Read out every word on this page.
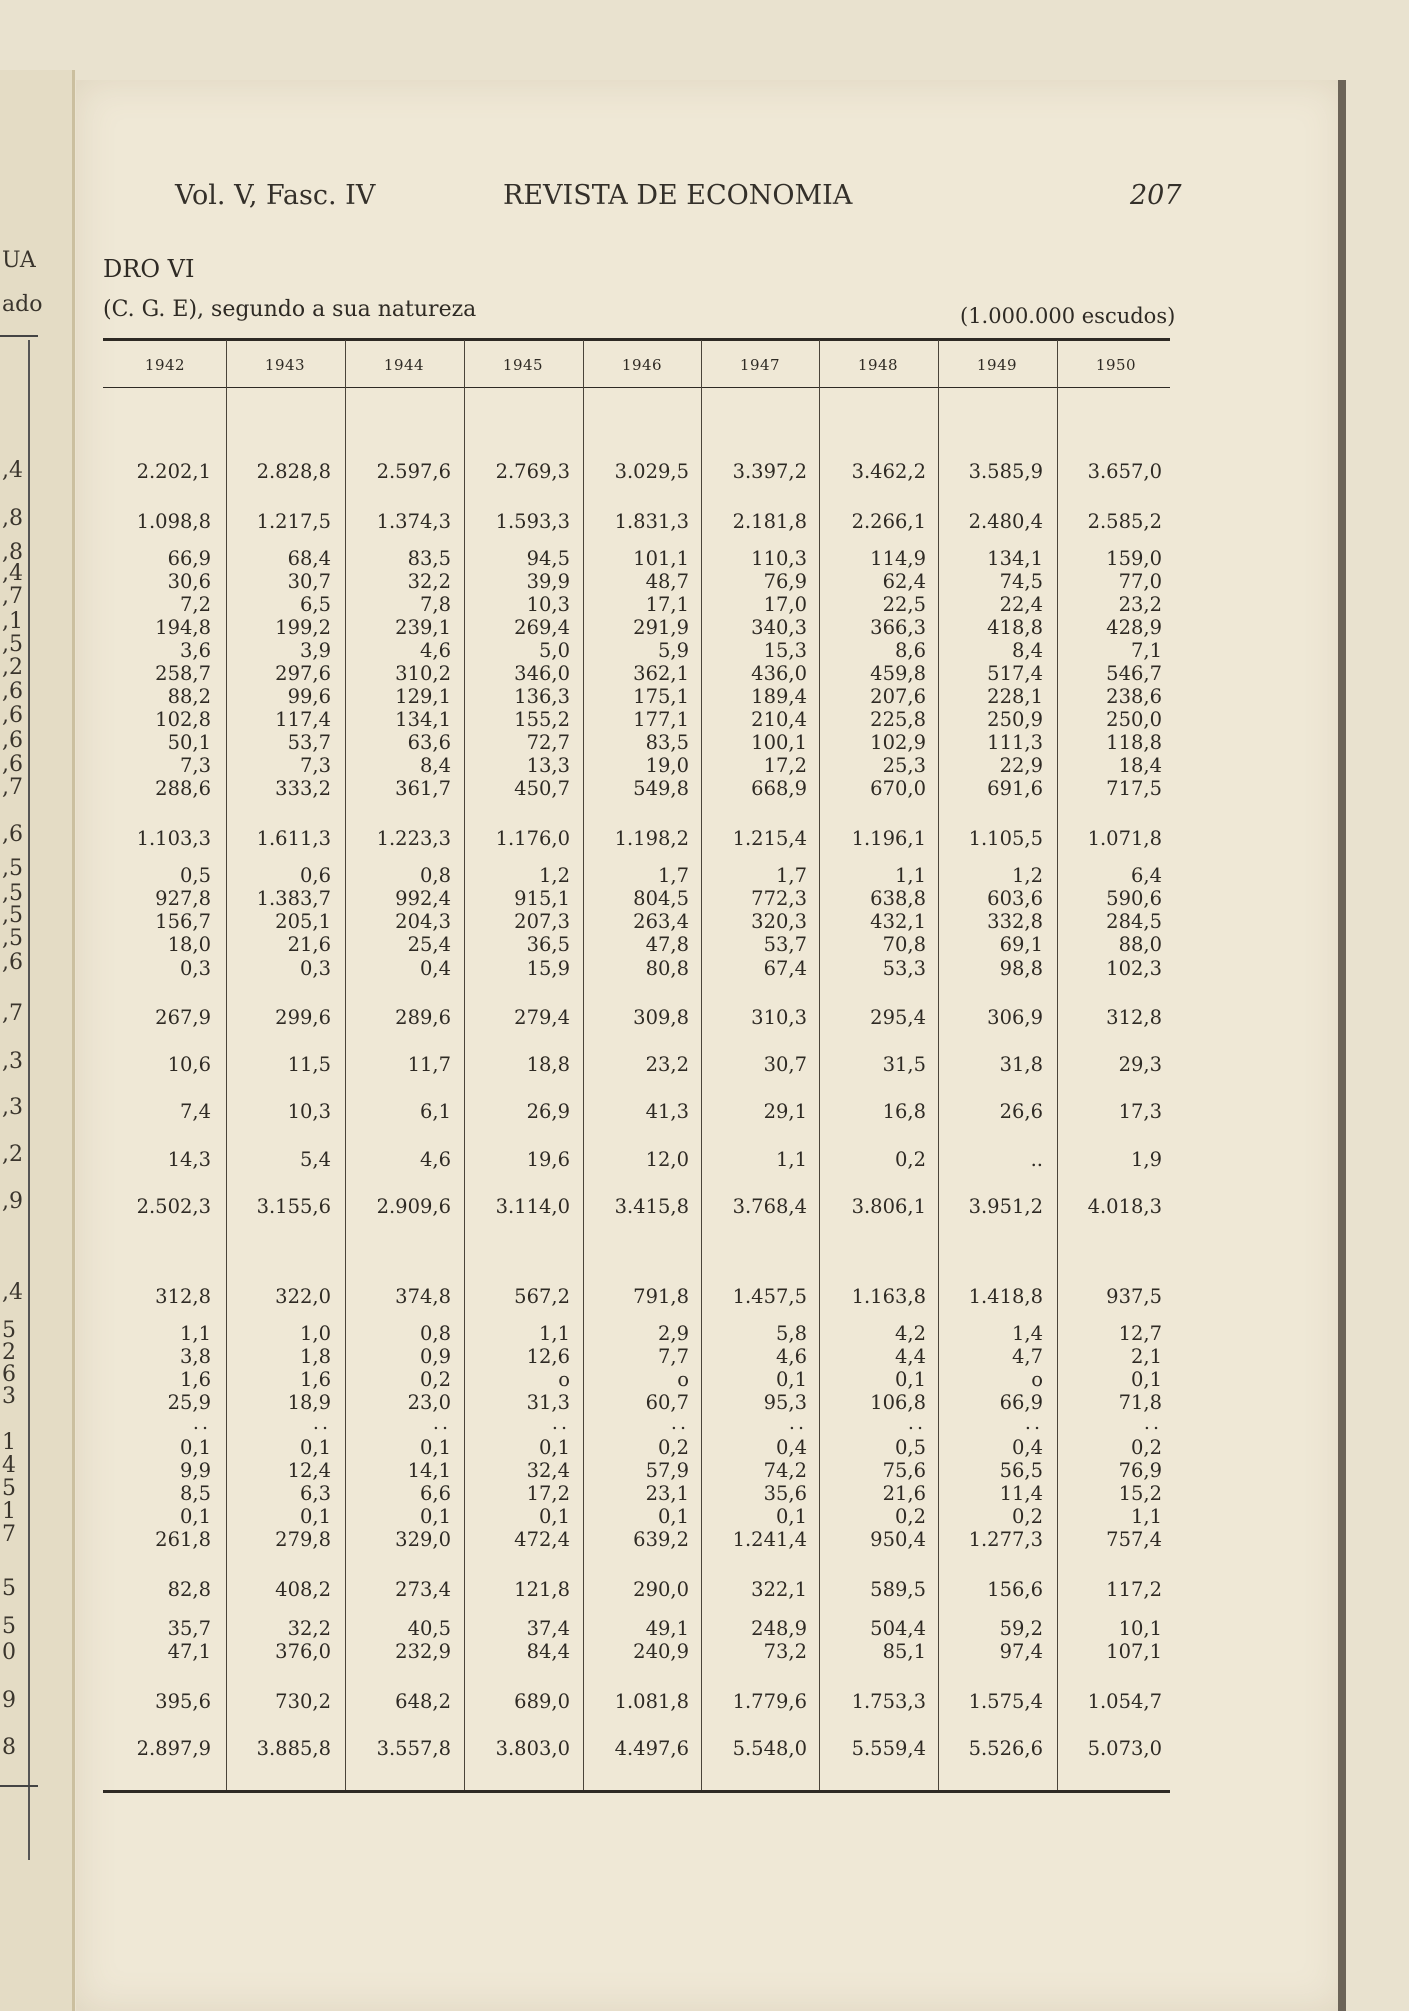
UA
ado
,4
,8
,8
,4
,7
,1
,5
,2
,6
,6
,6
,6
,7
,6
,5
,5
,5
,5
,6
,7
,3
,3
,2
,9
,4
5
2
6
3
1
4
5
1
7
5
5
0
9
8
Vol. V, Fasc. IV	REVISTA DE ECONOMIA	207
DRO VI
(C. G. E), segundo a sua natureza	(1.000.000 escudos)
1942	1943	1944	1945	1946	1947	1948	1949	1950
2.202,1	2.828,8	2.597,6	2.769,3	3.029,5	3.397,2	3.462,2	3.585,9	3.657,0
1.098,8	1.217,5	1.374,3	1.593,3	1.831,3	2.181,8	2.266,1	2.480,4	2.585,2
66,9	68,4	83,5	94,5	101,1	110,3	114,9	134,1	159,0
30,6	30,7	32,2	39,9	48,7	76,9	62,4	74,5	77,0
7,2	6,5	7,8	10,3	17,1	17,0	22,5	22,4	23,2
194,8	199,2	239,1	269,4	291,9	340,3	366,3	418,8	428,9
3,6	3,9	4,6	5,0	5,9	15,3	8,6	8,4	7,1
258,7	297,6	310,2	346,0	362,1	436,0	459,8	517,4	546,7
88,2	99,6	129,1	136,3	175,1	189,4	207,6	228,1	238,6
102,8	117,4	134,1	155,2	177,1	210,4	225,8	250,9	250,0
50,1	53,7	63,6	72,7	83,5	100,1	102,9	111,3	118,8
7,3	7,3	8,4	13,3	19,0	17,2	25,3	22,9	18,4
288,6	333,2	361,7	450,7	549,8	668,9	670,0	691,6	717,5
1.103,3	1.611,3	1.223,3	1.176,0	1.198,2	1.215,4	1.196,1	1.105,5	1.071,8
0,5	0,6	0,8	1,2	1,7	1,7	1,1	1,2	6,4
927,8	1.383,7	992,4	915,1	804,5	772,3	638,8	603,6	590,6
156,7	205,1	204,3	207,3	263,4	320,3	432,1	332,8	284,5
18,0	21,6	25,4	36,5	47,8	53,7	70,8	69,1	88,0
0,3	0,3	0,4	15,9	80,8	67,4	53,3	98,8	102,3
267,9	299,6	289,6	279,4	309,8	310,3	295,4	306,9	312,8
10,6	11,5	11,7	18,8	23,2	30,7	31,5	31,8	29,3
7,4	10,3	6,1	26,9	41,3	29,1	16,8	26,6	17,3
14,3	5,4	4,6	19,6	12,0	1,1	0,2	..	1,9
2.502,3	3.155,6	2.909,6	3.114,0	3.415,8	3.768,4	3.806,1	3.951,2	4.018,3
312,8	322,0	374,8	567,2	791,8	1.457,5	1.163,8	1.418,8	937,5
1,1	1,0	0,8	1,1	2,9	5,8	4,2	1,4	12,7
3,8	1,8	0,9	12,6	7,7	4,6	4,4	4,7	2,1
1,6	1,6	0,2	o	o	0,1	0,1	o	0,1
25,9	18,9	23,0	31,3	60,7	95,3	106,8	66,9	71,8
..	..	..	..	..	..	..	..	..
0,1	0,1	0,1	0,1	0,2	0,4	0,5	0,4	0,2
9,9	12,4	14,1	32,4	57,9	74,2	75,6	56,5	76,9
8,5	6,3	6,6	17,2	23,1	35,6	21,6	11,4	15,2
0,1	0,1	0,1	0,1	0,1	0,1	0,2	0,2	1,1
261,8	279,8	329,0	472,4	639,2	1.241,4	950,4	1.277,3	757,4
82,8	408,2	273,4	121,8	290,0	322,1	589,5	156,6	117,2
35,7	32,2	40,5	37,4	49,1	248,9	504,4	59,2	10,1
47,1	376,0	232,9	84,4	240,9	73,2	85,1	97,4	107,1
395,6	730,2	648,2	689,0	1.081,8	1.779,6	1.753,3	1.575,4	1.054,7
2.897,9	3.885,8	3.557,8	3.803,0	4.497,6	5.548,0	5.559,4	5.526,6	5.073,0
